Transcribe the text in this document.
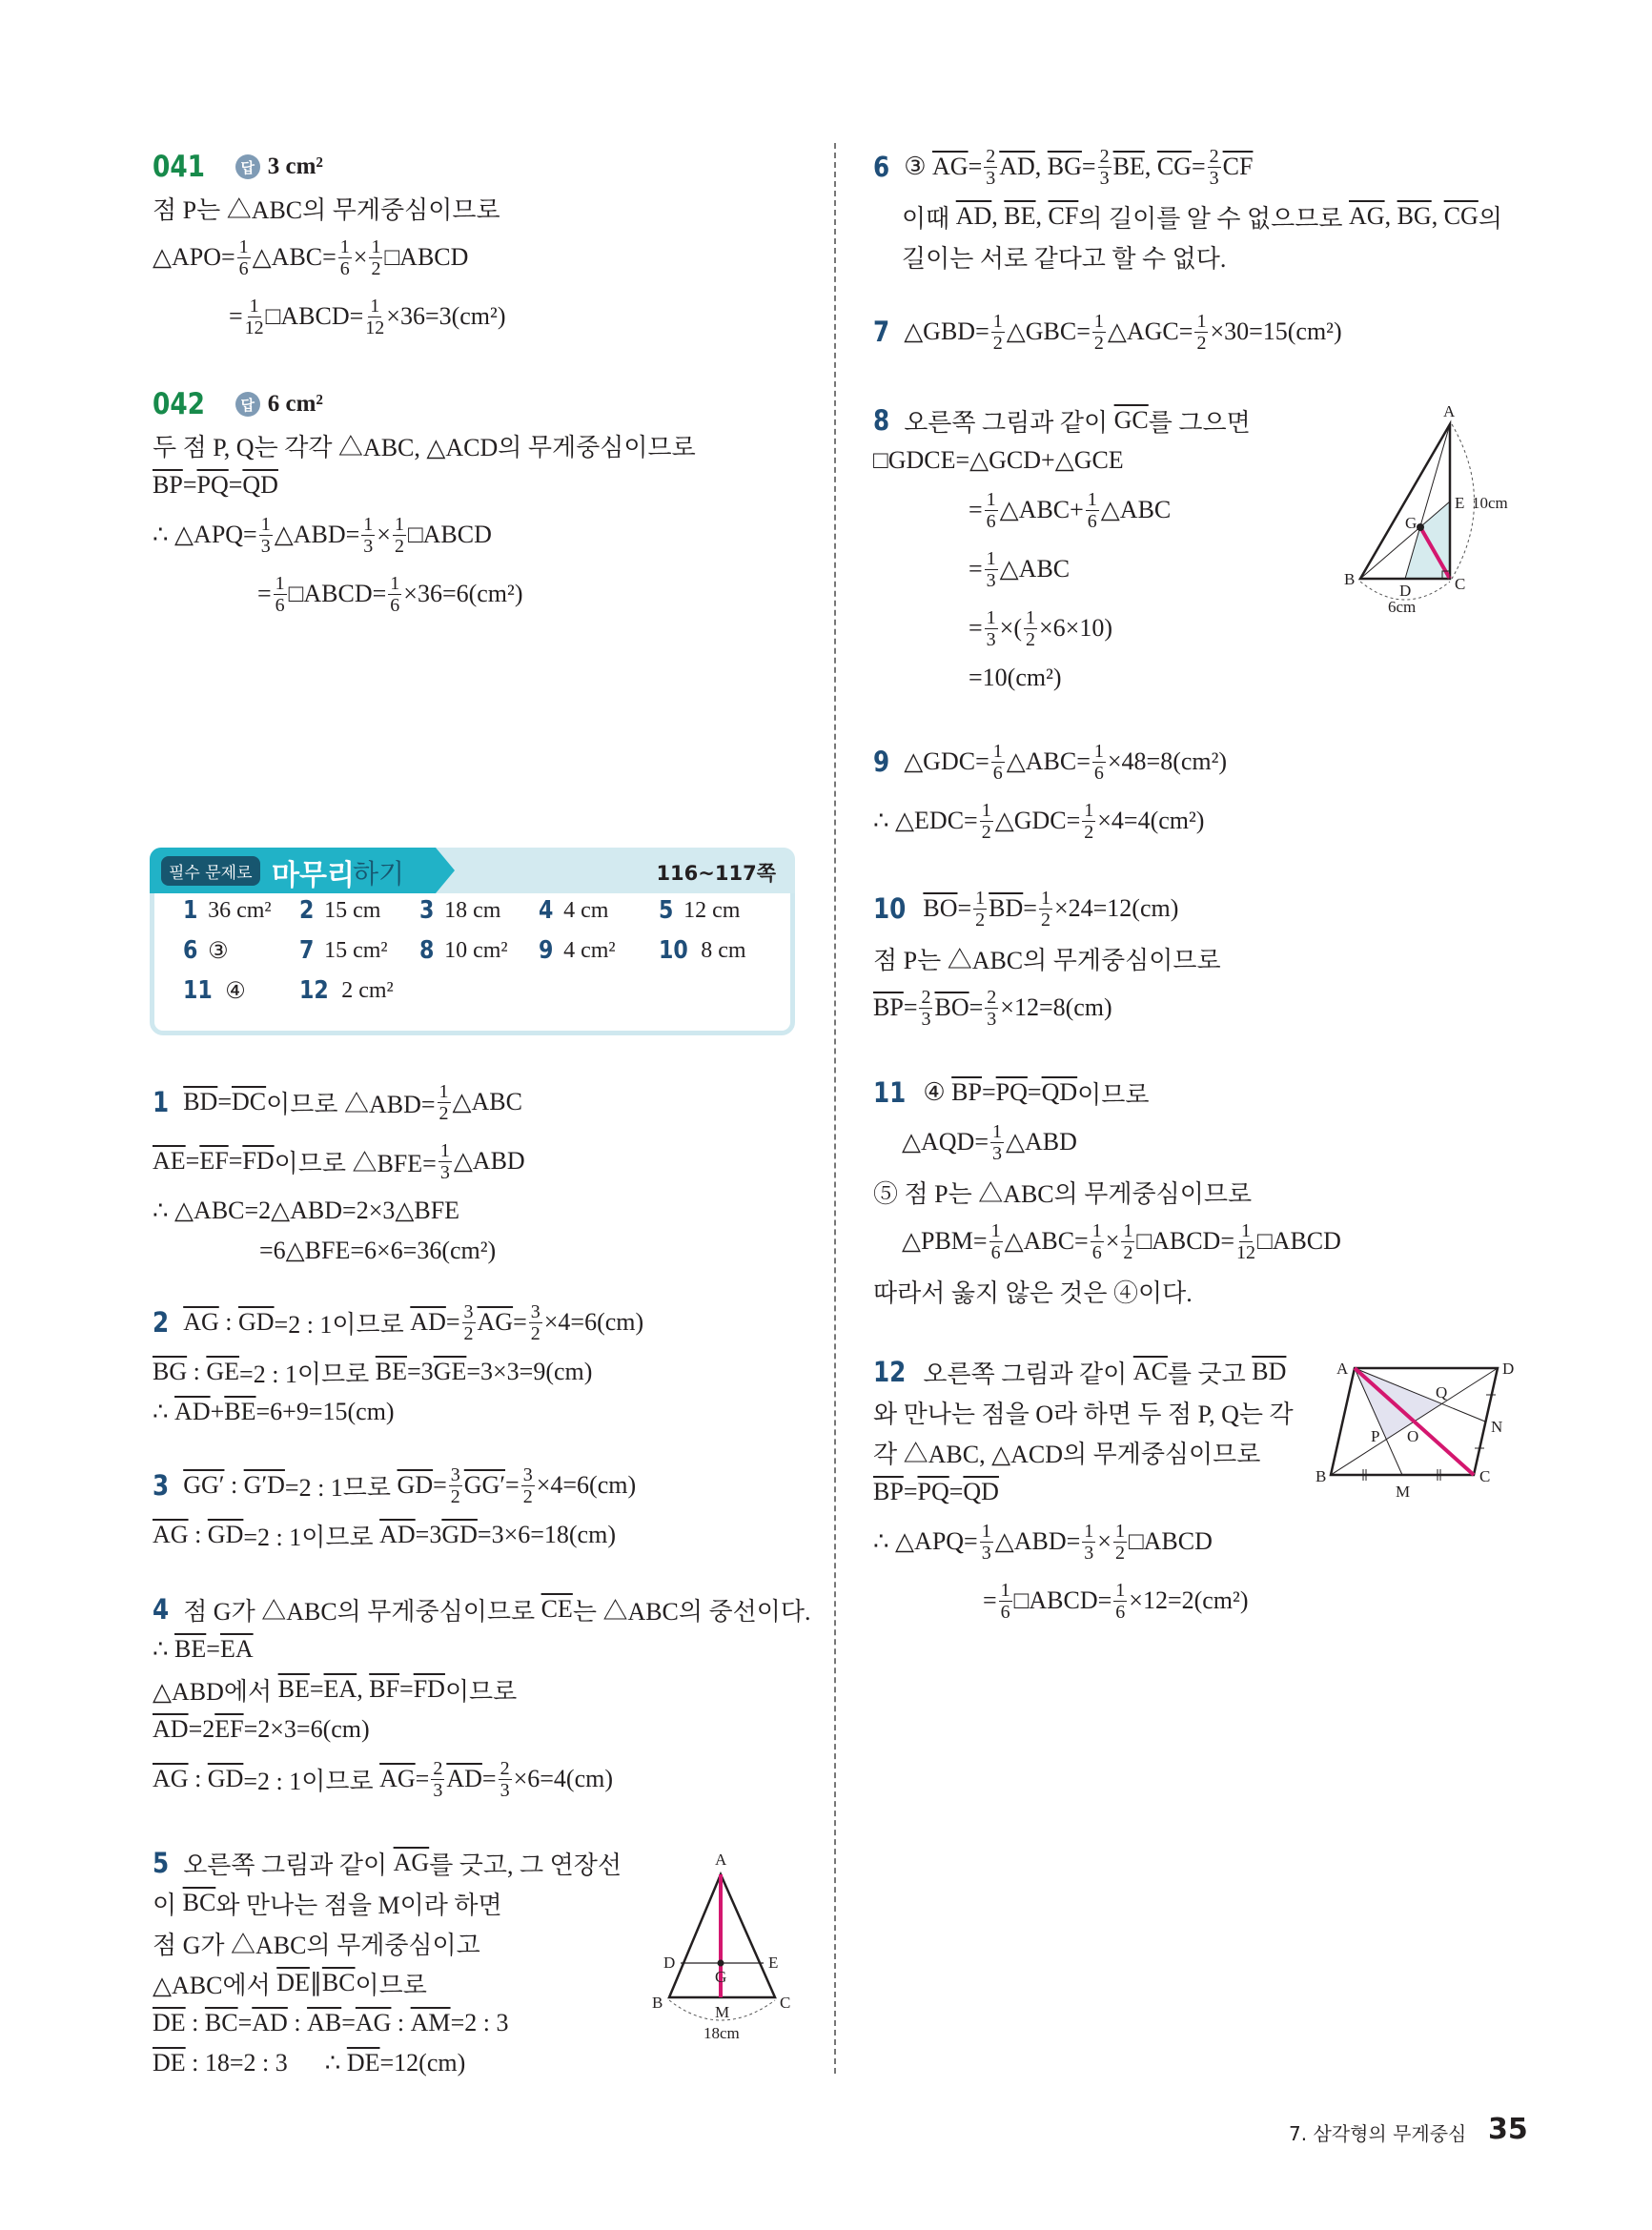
041	답 3 cm²
점 P는 △ABC의 무게중심이므로
△APO= $\frac{1}{6}$ △ABC= $\frac{1}{6} \times \frac{1}{2}$ □ABCD
= $\frac{1}{12}$ □ABCD= $\frac{1}{12} \times 36=3(cm^2)$
042	답 6 cm²
두 점 P, Q는 각각 △ABC, △ACD의 무게중심이므로
$\overline{BP} = \overline{PQ} = \overline{QD}$
∴ △APQ= $\frac{1}{3}$ △ABD= $\frac{1}{3} \times \frac{1}{2}$ □ABCD
= $\frac{1}{6}$ □ABCD= $\frac{1}{6} \times 36=6(cm^2)$
필수 문제로 마무리
하기	116~117쪽
1 36 cm² 2 15 cm 3 18 cm 4 4 cm 5 12 cm
6 ③	7 15 cm² 8 10 cm² 9 4 cm² 10 8 cm
11 ④ 12 2 cm²
1 $\overline{BD} = \overline{DC}$ 이므로 △ABD= $\frac{1}{2}$ △ABC
$\overline{AE} = \overline{EF} = \overline{FD}$ 이므로 △BFE= $\frac{1}{3}$ △ABD
∴ △ABC=2△ABD=2×3△BFE
=6△BFE=6×6=36(cm²)
2 $\overline{AG}$ : $\overline{GD} =2$ : 1이므로 $\overline{AD} = \frac{3}{2} \overline{AG} = \frac{3}{2} \times 4=6(cm)$
$\overline{BG}$ : $\overline{GE} =2$ : 1이므로 $\overline{BE} =3$ $\overline{GE} =3\times 3=9(cm)$
∴ $\overline{AD} + \overline{BE} =6+9=15(cm)$
3 GG′ : G′D =2 : 1므로 $\overline{GD} = \frac{3}{2} GG' = \frac{3}{2} \times 4=6(cm)$
$\overline{AG}$ : $\overline{GD} =2$ : 1이므로 $\overline{AD} =3$ $\overline{GD} =3\times 6=18(cm)$
4 점 G가 △ABC의 무게중심이므로 $\overline{CE}$ 는 △ABC의 중선이다.
∴ $\overline{BE} = \overline{EA}$
△ABD에서 $\overline{BE} = \overline{EA}$ , $\overline{BF} = \overline{FD}$ 이므로
$\overline{AD} =2$ $\overline{EF} =2\times 3=6(cm)$
$\overline{AG}$ : $\overline{GD} =2$ : 1이므로 $\overline{AG} = \frac{2}{3} \overline{AD} = \frac{2}{3} \times 6=4(cm)$
5 오른쪽 그림과 같이 $\overline{AG}$ 를 긋고, 그 연장선
이 $\overline{BC}$ 와 만나는 점을 M이라 하면
점 G가 △ABC의 무게중심이고
△ABC에서 $\overline{DE}$ ∥ $\overline{BC}$ 이므로
$\overline{DE}$ : $\overline{BC} = \overline{AD}$ : $\overline{AB} = \overline{AG}$ : $\overline{AM} =2$ : 3
$\overline{DE}$ : 18=2 : 3      ∴ $\overline{DE} =12(cm)$
A
D	E
G
B
M
C
18cm
6 ③ $\overline{AG} = \frac{2}{3} \overline{AD}$ , $\overline{BG} = \frac{2}{3} \overline{BE}$ , $\overline{CG} = \frac{2}{3} \overline{CF}$
이때 $\overline{AD}$ , $\overline{BE}$ , $\overline{CF}$ 의 길이를 알 수 없으므로 $\overline{AG}$ , $\overline{BG}$ , $\overline{CG}$ 의
길이는 서로 같다고 할 수 없다.
7 △GBD= $\frac{1}{2}$ △GBC= $\frac{1}{2}$ △AGC= $\frac{1}{2} \times 30=15(cm^2)$
8 오른쪽 그림과 같이 $\overline{GC}$ 를 그으면
□GDCE=△GCD+△GCE
= $\frac{1}{6}$ △ABC+ $\frac{1}{6}$ △ABC
= $\frac{1}{3}$ △ABC
= $\frac{1}{3}$ ×( $\frac{1}{2} \times 6\times 10$)
=10(cm²)
A
E 10cm
G
B
D	C
6cm
9 △GDC= $\frac{1}{6}$ △ABC= $\frac{1}{6} \times 48=8(cm^2)$
∴ △EDC= $\frac{1}{2}$ △GDC= $\frac{1}{2} \times 4=4(cm^2)$
10 $\overline{BO} = \frac{1}{2} \overline{BD} = \frac{1}{2} \times 24=12(cm)$
점 P는 △ABC의 무게중심이므로
$\overline{BP} = \frac{2}{3} \overline{BO} = \frac{2}{3} \times 12=8(cm)$
11 ④ $\overline{BP} = \overline{PQ} = \overline{QD}$ 이므로
△AQD= $\frac{1}{3}$ △ABD
⑤ 점 P는 △ABC의 무게중심이므로
△PBM= $\frac{1}{6}$ △ABC= $\frac{1}{6} \times \frac{1}{2}$ □ABCD= $\frac{1}{12}$ □ABCD
따라서 옳지 않은 것은 ④이다.
12 오른쪽 그림과 같이 $\overline{AC}$ 를 긋고 $\overline{BD}$
와 만나는 점을 O라 하면 두 점 P, Q는 각
각 △ABC, △ACD의 무게중심이므로
$\overline{BP} = \overline{PQ} = \overline{QD}$
∴ △APQ= $\frac{1}{3}$ △ABD= $\frac{1}{3} \times \frac{1}{2}$ □ABCD
= $\frac{1}{6}$ □ABCD= $\frac{1}{6} \times 12=2(cm^2)$
A	D
B	C
M
N
O
P
Q
7. 삼각형의 무게중심 35
